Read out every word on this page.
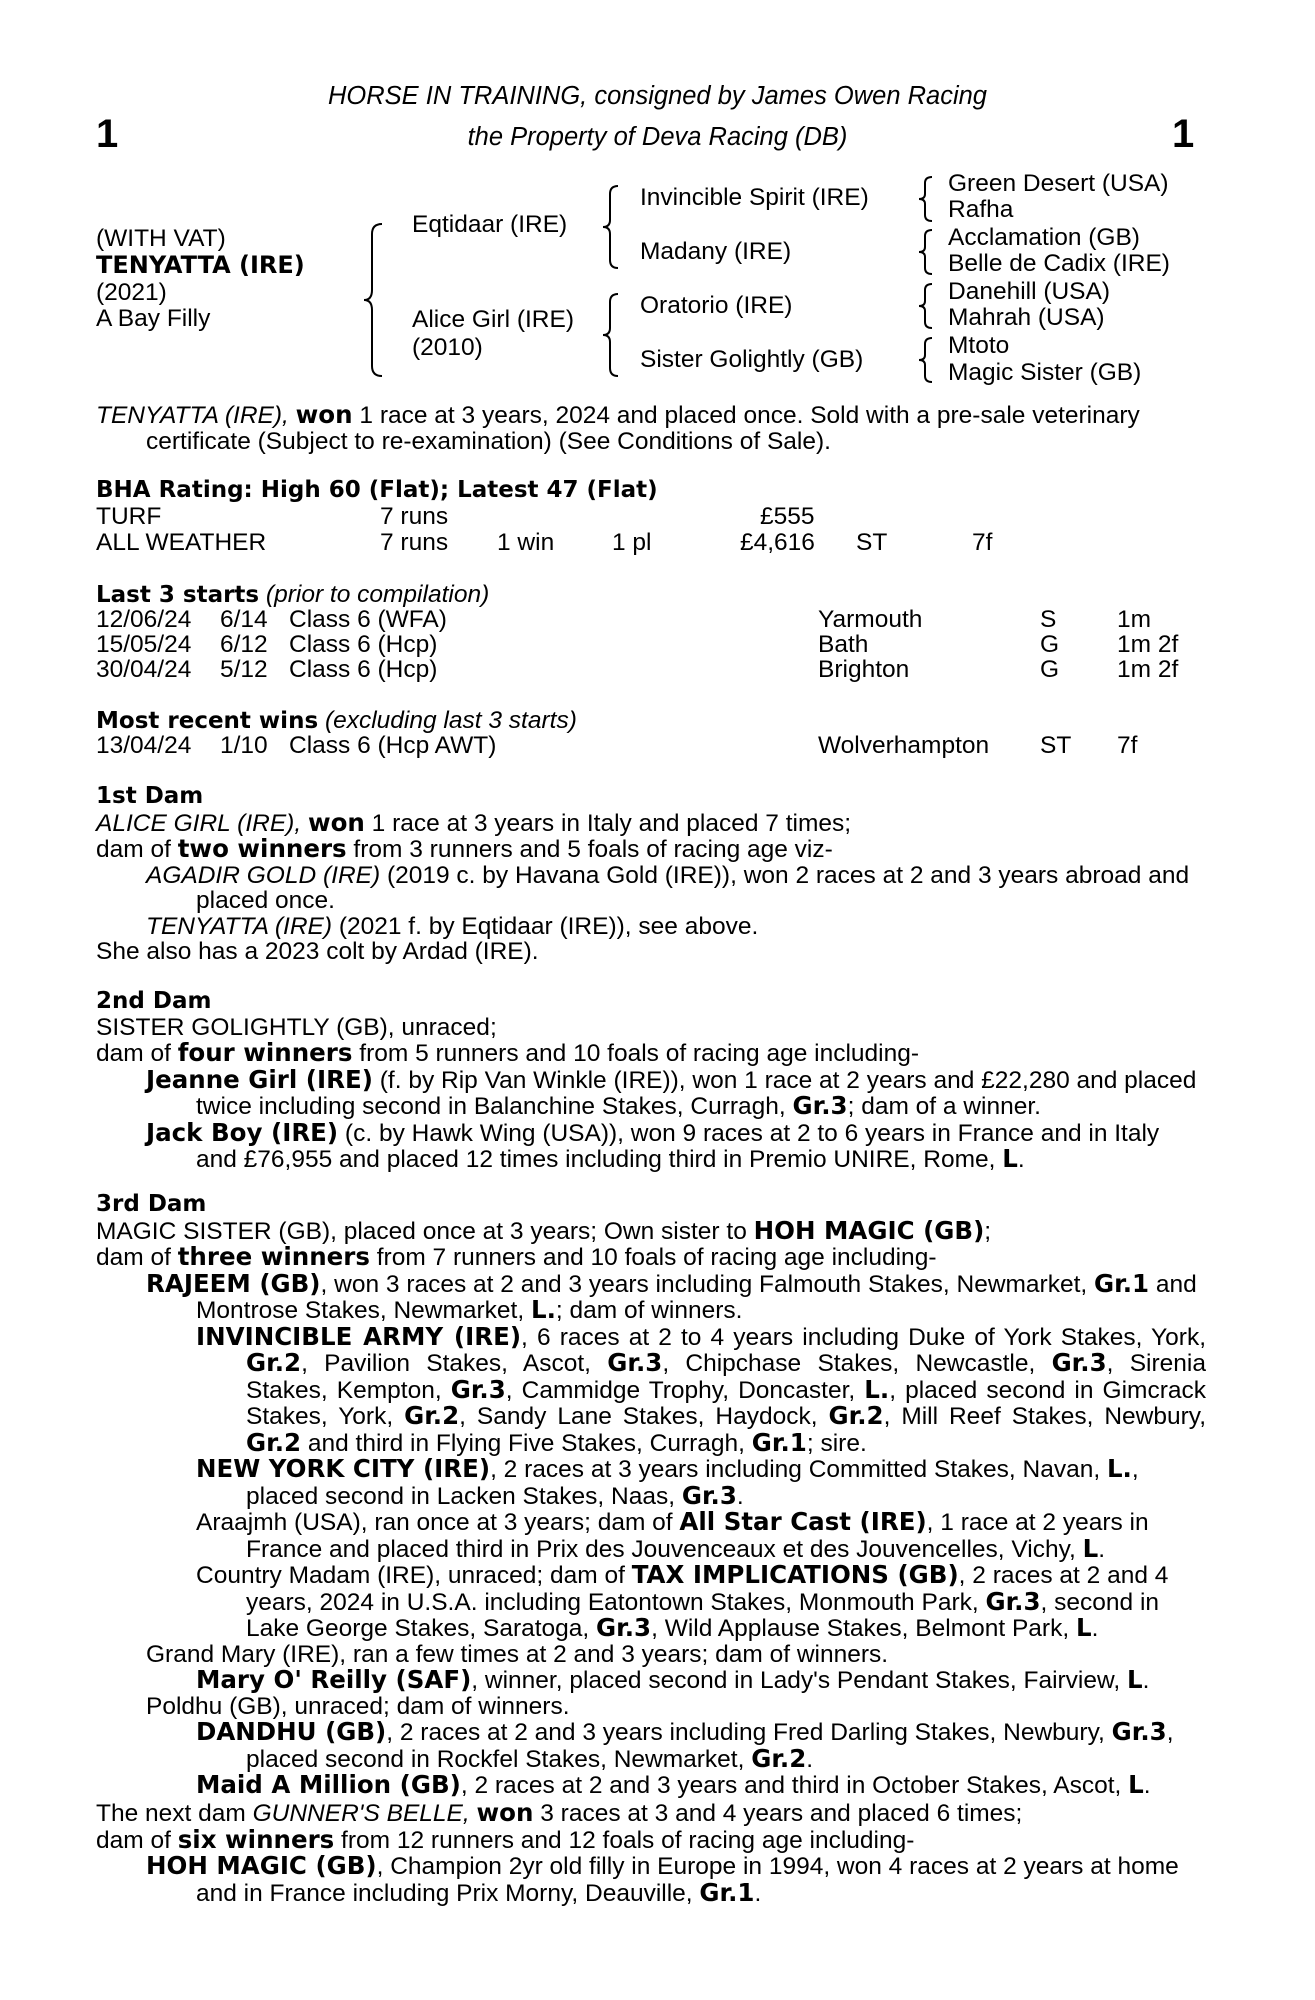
1	1
HORSE IN TRAINING, consigned by James Owen Racing
the Property of Deva Racing (DB)
(WITH VAT)
TENYATTA (IRE)
(2021)
A Bay Filly
Eqtidaar (IRE)
Alice Girl (IRE)
(2010)
Invincible Spirit (IRE)
Madany (IRE)
Oratorio (IRE)
Sister Golightly (GB)
Green Desert (USA)
Rafha
Acclamation (GB)
Belle de Cadix (IRE)
Danehill (USA)
Mahrah (USA)
Mtoto
Magic Sister (GB)

TENYATTA (IRE), won 1 race at 3 years, 2024 and placed once. Sold with a pre-sale veterinary certificate (Subject to re-examination) (See Conditions of Sale).

BHA Rating: High 60 (Flat); Latest 47 (Flat)
TURF	7 runs	£555
ALL WEATHER	7 runs 1 win 1 pl	£4,616 ST	7f
Last 3 starts (prior to compilation)
12/06/24 6/14 Class 6 (WFA)	Yarmouth	S 1m
15/05/24 6/12 Class 6 (Hcp)	Bath	G 1m 2f
30/04/24 5/12 Class 6 (Hcp)	Brighton	G 1m 2f
Most recent wins (excluding last 3 starts)
13/04/24 1/10 Class 6 (Hcp AWT)	Wolverhampton ST 7f

1st Dam

ALICE GIRL (IRE), won 1 race at 3 years in Italy and placed 7 times;

dam of two winners from 3 runners and 5 foals of racing age viz-

AGADIR GOLD (IRE) (2019 c. by Havana Gold (IRE)), won 2 races at 2 and 3 years abroad and placed once.

TENYATTA (IRE) (2021 f. by Eqtidaar (IRE)), see above.

She also has a 2023 colt by Ardad (IRE).

2nd Dam

SISTER GOLIGHTLY (GB), unraced;

dam of four winners from 5 runners and 10 foals of racing age including-

Jeanne Girl (IRE) (f. by Rip Van Winkle (IRE)), won 1 race at 2 years and £22,280 and placed twice including second in Balanchine Stakes, Curragh, Gr.3; dam of a winner.

Jack Boy (IRE) (c. by Hawk Wing (USA)), won 9 races at 2 to 6 years in France and in Italy and £76,955 and placed 12 times including third in Premio UNIRE, Rome, L.

3rd Dam

MAGIC SISTER (GB), placed once at 3 years; Own sister to HOH MAGIC (GB);

dam of three winners from 7 runners and 10 foals of racing age including-

RAJEEM (GB), won 3 races at 2 and 3 years including Falmouth Stakes, Newmarket, Gr.1 and Montrose Stakes, Newmarket, L.; dam of winners.

INVINCIBLE ARMY (IRE), 6 races at 2 to 4 years including Duke of York Stakes, York, Gr.2, Pavilion Stakes, Ascot, Gr.3, Chipchase Stakes, Newcastle, Gr.3, Sirenia Stakes, Kempton, Gr.3, Cammidge Trophy, Doncaster, L., placed second in Gimcrack Stakes, York, Gr.2, Sandy Lane Stakes, Haydock, Gr.2, Mill Reef Stakes, Newbury, Gr.2 and third in Flying Five Stakes, Curragh, Gr.1; sire.

NEW YORK CITY (IRE), 2 races at 3 years including Committed Stakes, Navan, L., placed second in Lacken Stakes, Naas, Gr.3.

Araajmh (USA), ran once at 3 years; dam of All Star Cast (IRE), 1 race at 2 years in France and placed third in Prix des Jouvenceaux et des Jouvencelles, Vichy, L.

Country Madam (IRE), unraced; dam of TAX IMPLICATIONS (GB), 2 races at 2 and 4 years, 2024 in U.S.A. including Eatontown Stakes, Monmouth Park, Gr.3, second in Lake George Stakes, Saratoga, Gr.3, Wild Applause Stakes, Belmont Park, L.

Grand Mary (IRE), ran a few times at 2 and 3 years; dam of winners.

Mary O' Reilly (SAF), winner, placed second in Lady's Pendant Stakes, Fairview, L.

Poldhu (GB), unraced; dam of winners.

DANDHU (GB), 2 races at 2 and 3 years including Fred Darling Stakes, Newbury, Gr.3, placed second in Rockfel Stakes, Newmarket, Gr.2.

Maid A Million (GB), 2 races at 2 and 3 years and third in October Stakes, Ascot, L.

The next dam GUNNER'S BELLE, won 3 races at 3 and 4 years and placed 6 times;

dam of six winners from 12 runners and 12 foals of racing age including-

HOH MAGIC (GB), Champion 2yr old filly in Europe in 1994, won 4 races at 2 years at home and in France including Prix Morny, Deauville, Gr.1.
